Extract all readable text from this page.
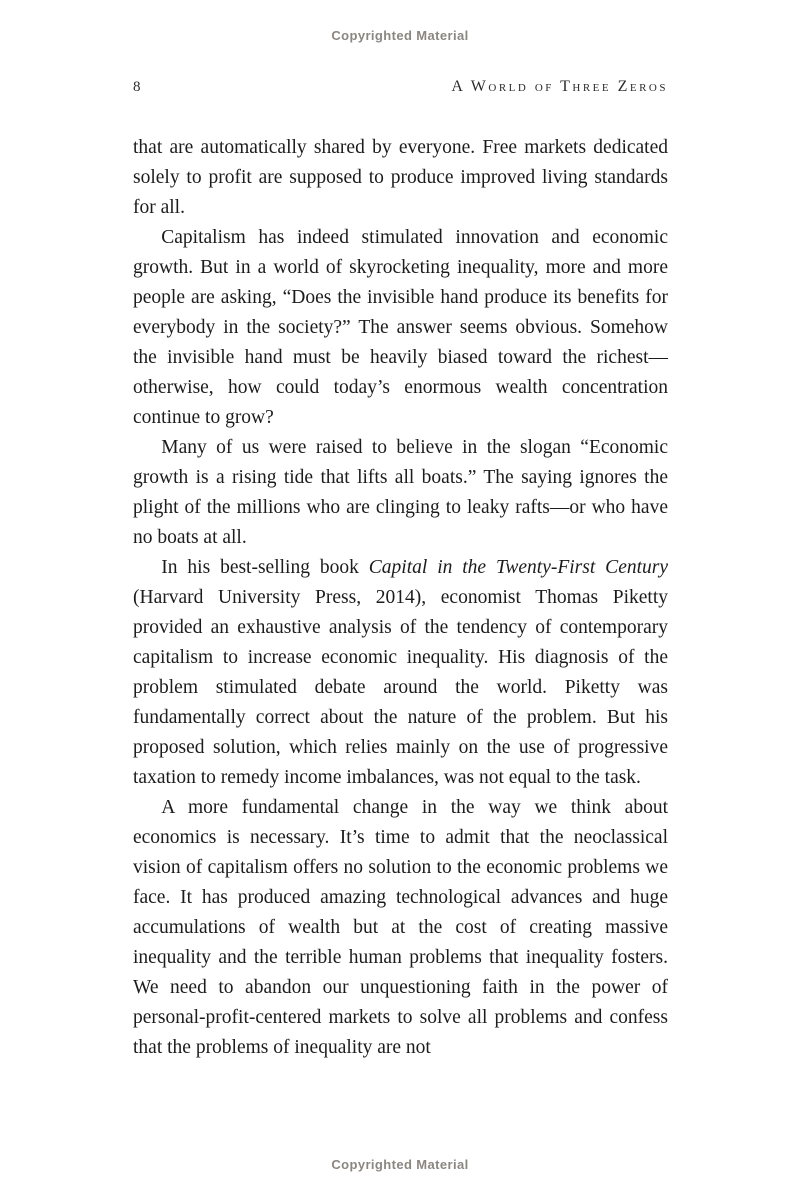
Copyrighted Material
8	A World of Three Zeros

that are automatically shared by everyone. Free markets dedicated solely to profit are supposed to produce improved living standards for all.

Capitalism has indeed stimulated innovation and economic growth. But in a world of skyrocketing inequality, more and more people are asking, “Does the invisible hand produce its benefits for everybody in the society?” The answer seems obvious. Somehow the invisible hand must be heavily biased toward the richest—otherwise, how could today’s enormous wealth concentration continue to grow?

Many of us were raised to believe in the slogan “Economic growth is a rising tide that lifts all boats.” The saying ignores the plight of the millions who are clinging to leaky rafts—or who have no boats at all.

In his best-selling book Capital in the Twenty-First Century (Harvard University Press, 2014), economist Thomas Piketty provided an exhaustive analysis of the tendency of contemporary capitalism to increase economic inequality. His diagnosis of the problem stimulated debate around the world. Piketty was fundamentally correct about the nature of the problem. But his proposed solution, which relies mainly on the use of progressive taxation to remedy income imbalances, was not equal to the task.

A more fundamental change in the way we think about economics is necessary. It’s time to admit that the neoclassical vision of capitalism offers no solution to the economic problems we face. It has produced amazing technological advances and huge accumulations of wealth but at the cost of creating massive inequality and the terrible human problems that inequality fosters. We need to abandon our unquestioning faith in the power of personal-profit-centered markets to solve all problems and confess that the problems of inequality are not

Copyrighted Material
